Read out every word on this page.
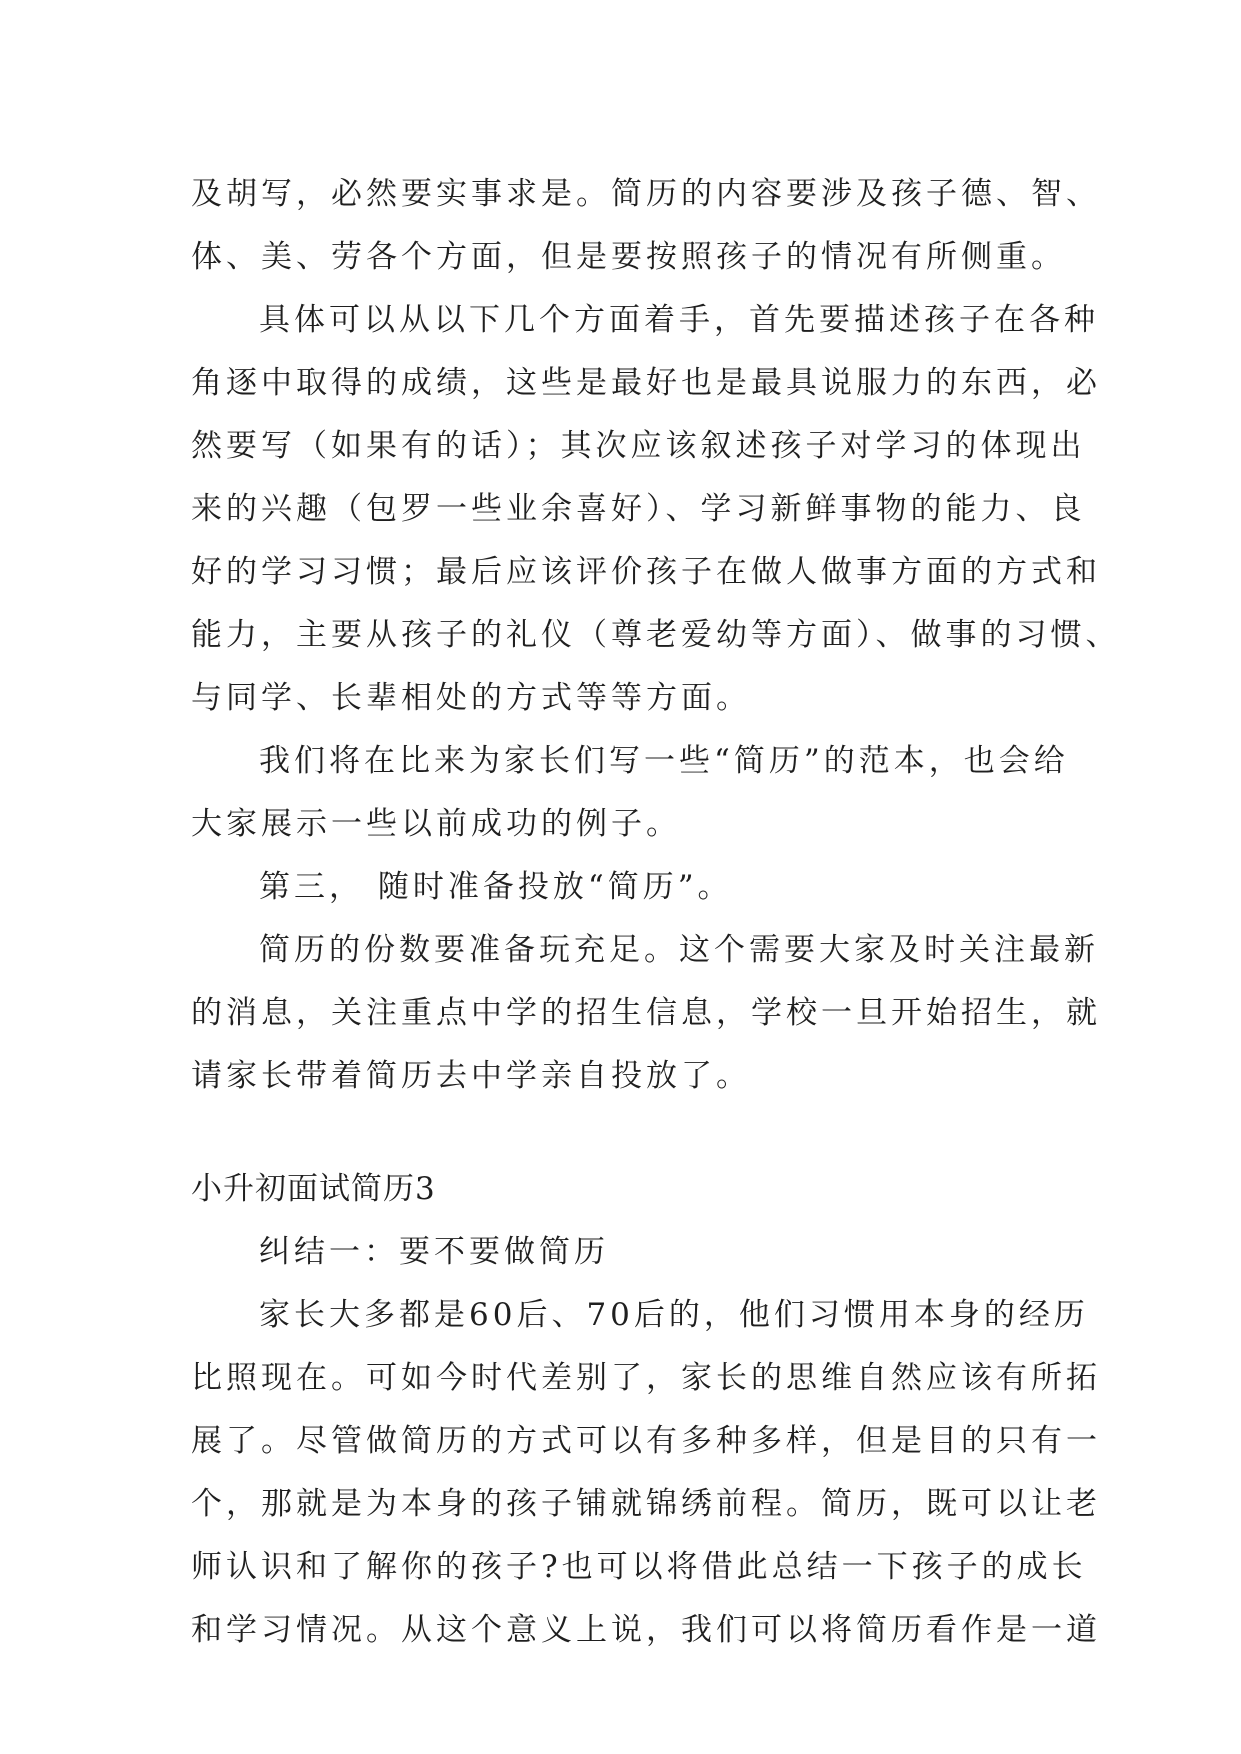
及胡写，必然要实事求是。简历的内容要涉及孩子德、智、
体、美、劳各个方面，但是要按照孩子的情况有所侧重。
具体可以从以下几个方面着手，首先要描述孩子在各种
角逐中取得的成绩，这些是最好也是最具说服力的东西，必
然要写（如果有的话）；其次应该叙述孩子对学习的体现出
来的兴趣（包罗一些业余喜好）、学习新鲜事物的能力、良
好的学习习惯；最后应该评价孩子在做人做事方面的方式和
能力，主要从孩子的礼仪（尊老爱幼等方面）、做事的习惯、
与同学、长辈相处的方式等等方面。
我们将在比来为家长们写一些“简历”的范本，也会给
大家展示一些以前成功的例子。
第三， 随时准备投放“简历”。
简历的份数要准备玩充足。这个需要大家及时关注最新
的消息，关注重点中学的招生信息，学校一旦开始招生，就
请家长带着简历去中学亲自投放了。
小升初面试简历3
纠结一：要不要做简历
家长大多都是60后、70后的，他们习惯用本身的经历
比照现在。可如今时代差别了，家长的思维自然应该有所拓
展了。尽管做简历的方式可以有多种多样，但是目的只有一
个，那就是为本身的孩子铺就锦绣前程。简历，既可以让老
师认识和了解你的孩子?也可以将借此总结一下孩子的成长
和学习情况。从这个意义上说，我们可以将简历看作是一道
